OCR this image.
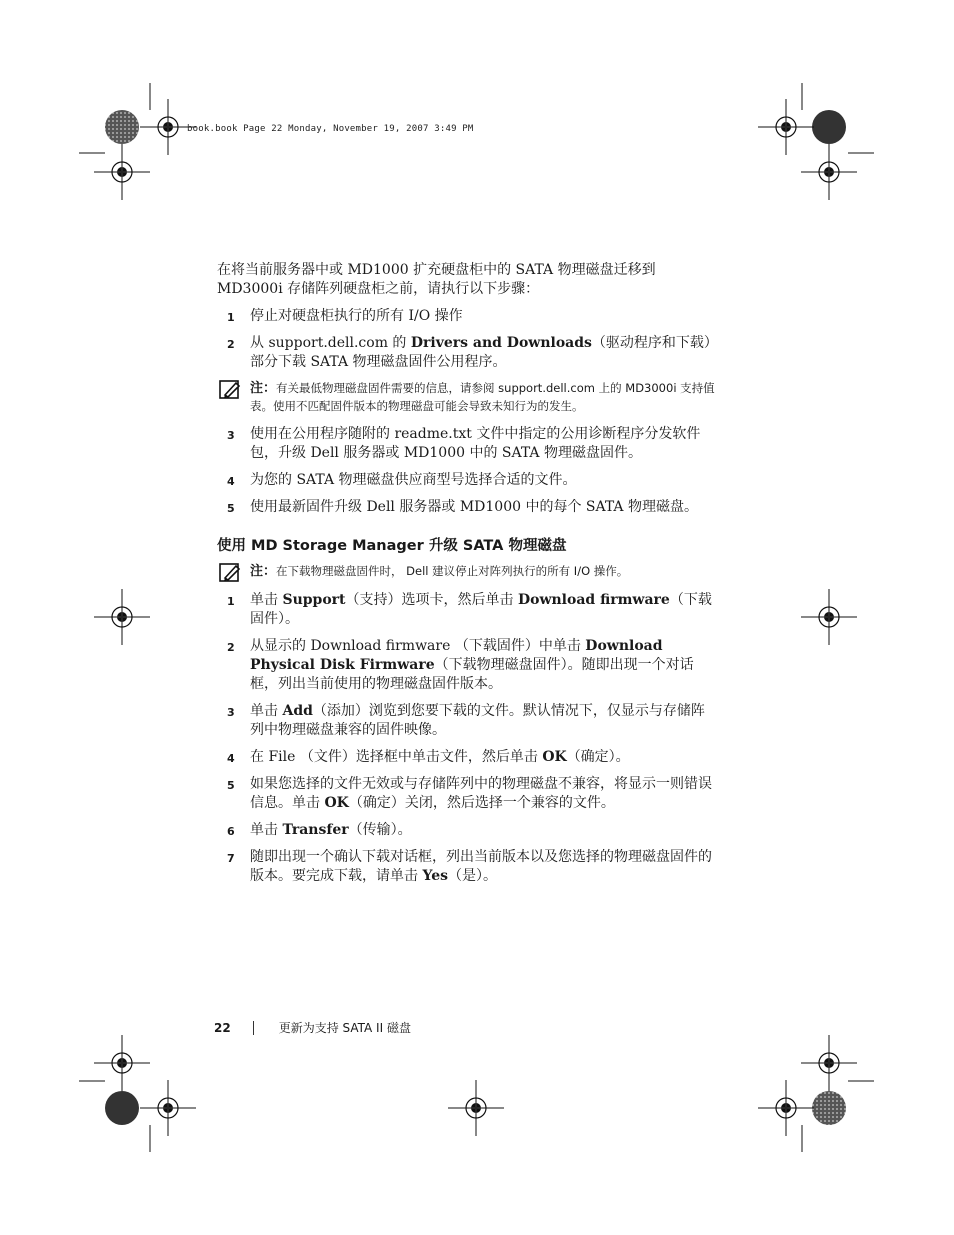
book.book Page 22 Monday, November 19, 2007 3:49 PM

在将当前服务器中或 MD1000 扩充硬盘柜中的 SATA 物理磁盘迁移到 MD3000i 存储阵列硬盘柜之前，请执行以下步骤：

1 停止对硬盘柜执行的所有 I/O 操作
2 从 support.dell.com 的 Drivers and Downloads（驱动程序和下载）部分下载 SATA 物理磁盘固件公用程序。
注：有关最低物理磁盘固件需要的信息，请参阅 support.dell.com 上的 MD3000i 支持值表。使用不匹配固件版本的物理磁盘可能会导致未知行为的发生。
3 使用在公用程序随附的 readme.txt 文件中指定的公用诊断程序分发软件包，升级 Dell 服务器或 MD1000 中的 SATA 物理磁盘固件。
4 为您的 SATA 物理磁盘供应商型号选择合适的文件。
5 使用最新固件升级 Dell 服务器或 MD1000 中的每个 SATA 物理磁盘。
使用 MD Storage Manager 升级 SATA 物理磁盘
注：在下载物理磁盘固件时， Dell 建议停止对阵列执行的所有 I/O 操作。
1 单击 Support（支持）选项卡，然后单击 Download firmware（下载固件）。
2 从显示的 Download firmware （下载固件）中单击 Download Physical Disk Firmware（下载物理磁盘固件）。随即出现一个对话框，列出当前使用的物理磁盘固件版本。
3 单击 Add（添加）浏览到您要下载的文件。默认情况下，仅显示与存储阵列中物理磁盘兼容的固件映像。
4 在 File （文件）选择框中单击文件，然后单击 OK（确定）。
5 如果您选择的文件无效或与存储阵列中的物理磁盘不兼容，将显示一则错误信息。单击 OK（确定）关闭，然后选择一个兼容的文件。
6 单击 Transfer（传输）。
7 随即出现一个确认下载对话框，列出当前版本以及您选择的物理磁盘固件的版本。要完成下载，请单击 Yes（是）。
22	更新为支持 SATA II 磁盘
